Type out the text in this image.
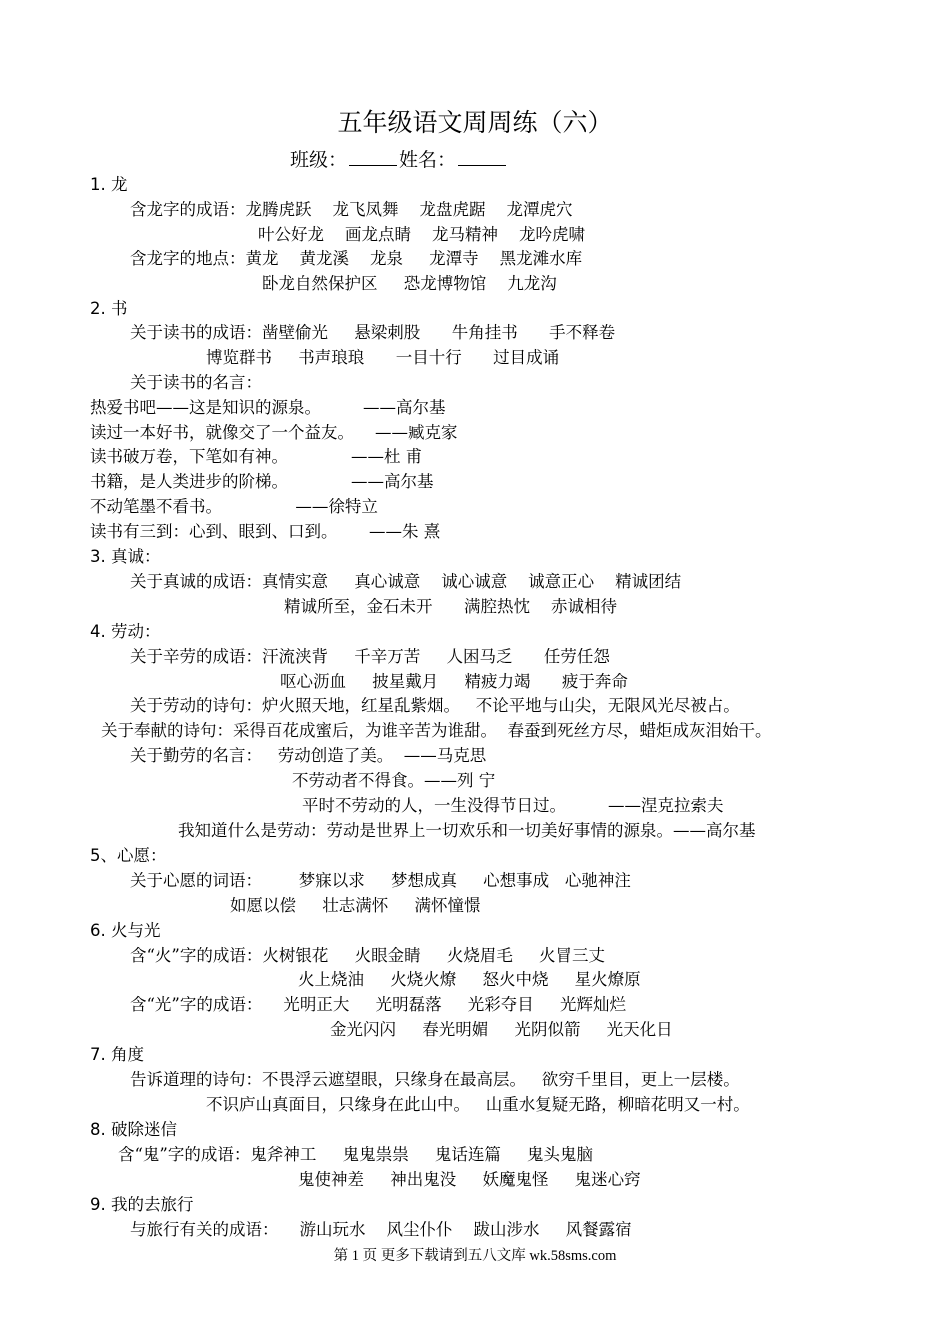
五年级语文周周练（六）
班级：	姓名：
1. 龙
含龙字的成语：龙腾虎跃    龙飞凤舞    龙盘虎踞    龙潭虎穴
叶公好龙    画龙点睛    龙马精神    龙吟虎啸
含龙字的地点：黄龙    黄龙溪    龙泉     龙潭寺    黑龙滩水库
卧龙自然保护区     恐龙博物馆    九龙沟
2. 书
关于读书的成语：凿壁偷光     悬梁刺股      牛角挂书      手不释卷
博览群书     书声琅琅      一目十行      过目成诵
关于读书的名言：
热爱书吧——这是知识的源泉。        ——高尔基
读过一本好书，就像交了一个益友。    ——臧克家
读书破万卷，下笔如有神。            ——杜 甫
书籍，是人类进步的阶梯。            ——高尔基
不动笔墨不看书。              ——徐特立
读书有三到：心到、眼到、口到。      ——朱 熹
3. 真诚：
关于真诚的成语：真情实意     真心诚意    诚心诚意    诚意正心    精诚团结
精诚所至，金石未开      满腔热忱    赤诚相待
4. 劳动：
关于辛劳的成语：汗流浃背     千辛万苦     人困马乏      任劳任怨
呕心沥血     披星戴月     精疲力竭      疲于奔命
关于劳动的诗句：炉火照天地，红星乱紫烟。   不论平地与山尖，无限风光尽被占。
关于奉献的诗句：采得百花成蜜后，为谁辛苦为谁甜。  春蚕到死丝方尽，蜡炬成灰泪始干。
关于勤劳的名言：   劳动创造了美。  ——马克思
不劳动者不得食。——列 宁
平时不劳动的人，一生没得节日过。        ——涅克拉索夫
我知道什么是劳动：劳动是世界上一切欢乐和一切美好事情的源泉。——高尔基
5、心愿：
关于心愿的词语：       梦寐以求     梦想成真     心想事成   心驰神注
如愿以偿     壮志满怀     满怀憧憬
6. 火与光
含“火”字的成语：火树银花     火眼金睛     火烧眉毛     火冒三丈
火上烧油     火烧火燎     怒火中烧     星火燎原
含“光”字的成语：    光明正大     光明磊落     光彩夺目     光辉灿烂
金光闪闪     春光明媚     光阴似箭     光天化日
7. 角度
告诉道理的诗句：不畏浮云遮望眼，只缘身在最高层。   欲穷千里目，更上一层楼。
不识庐山真面目，只缘身在此山中。   山重水复疑无路，柳暗花明又一村。
8. 破除迷信
含“鬼”字的成语：鬼斧神工     鬼鬼祟祟     鬼话连篇     鬼头鬼脑
鬼使神差     神出鬼没     妖魔鬼怪     鬼迷心窍
9. 我的去旅行
与旅行有关的成语：    游山玩水    风尘仆仆    跋山涉水     风餐露宿
第 1 页 更多下载请到五八文库 wk.58sms.com
